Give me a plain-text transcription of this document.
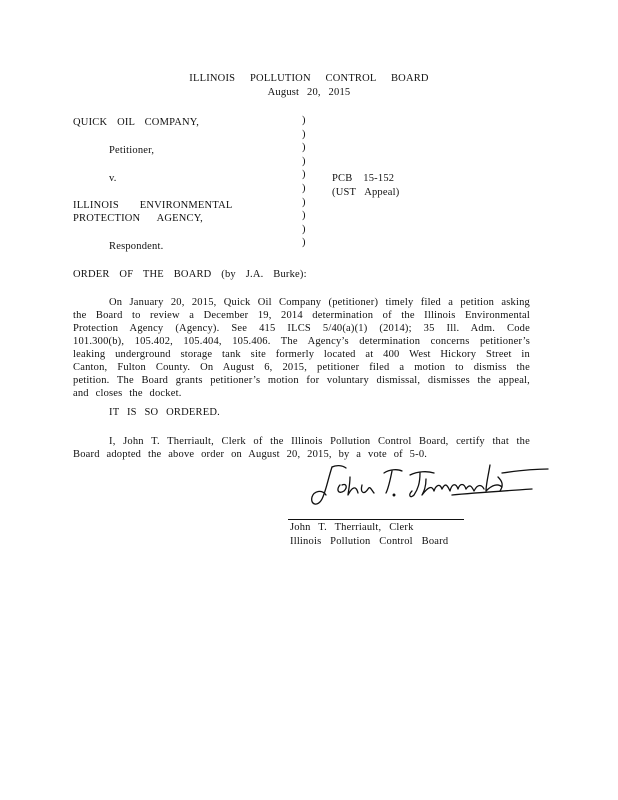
ILLINOIS POLLUTION CONTROL BOARD
August 20, 2015
QUICK OIL COMPANY,
Petitioner,
v.
ILLINOIS ENVIRONMENTAL
PROTECTION AGENCY,
Respondent.
)
)
)
)
)
)
)
)
)
)
PCB 15-152
(UST Appeal)
ORDER OF THE BOARD (by J.A. Burke):
On January 20, 2015, Quick Oil Company (petitioner) timely filed a petition asking the Board to review a December 19, 2014 determination of the Illinois Environmental Protection Agency (Agency). See 415 ILCS 5/40(a)(1) (2014); 35 Ill. Adm. Code 101.300(b), 105.402, 105.404, 105.406. The Agency’s determination concerns petitioner’s leaking underground storage tank site formerly located at 400 West Hickory Street in Canton, Fulton County. On August 6, 2015, petitioner filed a motion to dismiss the petition. The Board grants petitioner’s motion for voluntary dismissal, dismisses the appeal, and closes the docket.
IT IS SO ORDERED.
I, John T. Therriault, Clerk of the Illinois Pollution Control Board, certify that the Board adopted the above order on August 20, 2015, by a vote of 5-0.
John T. Therriault, Clerk
Illinois Pollution Control Board
